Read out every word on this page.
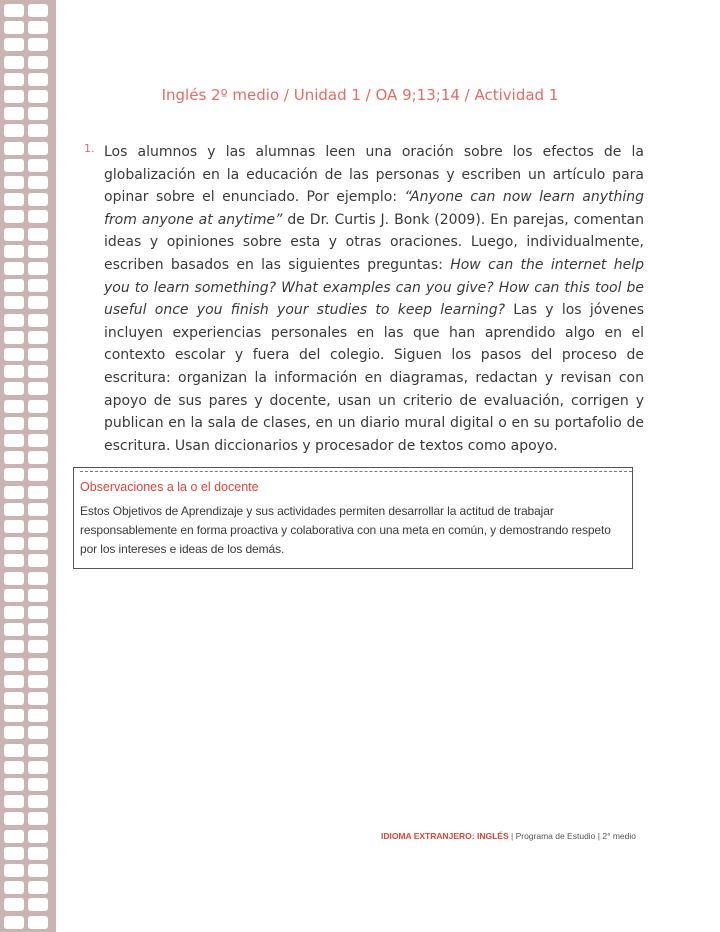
Inglés 2º medio / Unidad 1 / OA 9;13;14 / Actividad 1
1. Los alumnos y las alumnas leen una oración sobre los efectos de la globalización en la educación de las personas y escriben un artículo para opinar sobre el enunciado. Por ejemplo: “Anyone can now learn anything from anyone at anytime” de Dr. Curtis J. Bonk (2009). En parejas, comentan ideas y opiniones sobre esta y otras oraciones. Luego, individualmente, escriben basados en las siguientes preguntas: How can the internet help you to learn something? What examples can you give? How can this tool be useful once you finish your studies to keep learning? Las y los jóvenes incluyen experiencias personales en las que han aprendido algo en el contexto escolar y fuera del colegio. Siguen los pasos del proceso de escritura: organizan la información en diagramas, redactan y revisan con apoyo de sus pares y docente, usan un criterio de evaluación, corrigen y publican en la sala de clases, en un diario mural digital o en su portafolio de escritura. Usan diccionarios y procesador de textos como apoyo.
Observaciones a la o el docente
Estos Objetivos de Aprendizaje y sus actividades permiten desarrollar la actitud de trabajar responsablemente en forma proactiva y colaborativa con una meta en común, y demostrando respeto por los intereses e ideas de los demás.
IDIOMA EXTRANJERO: INGLÉS | Programa de Estudio | 2° medio
